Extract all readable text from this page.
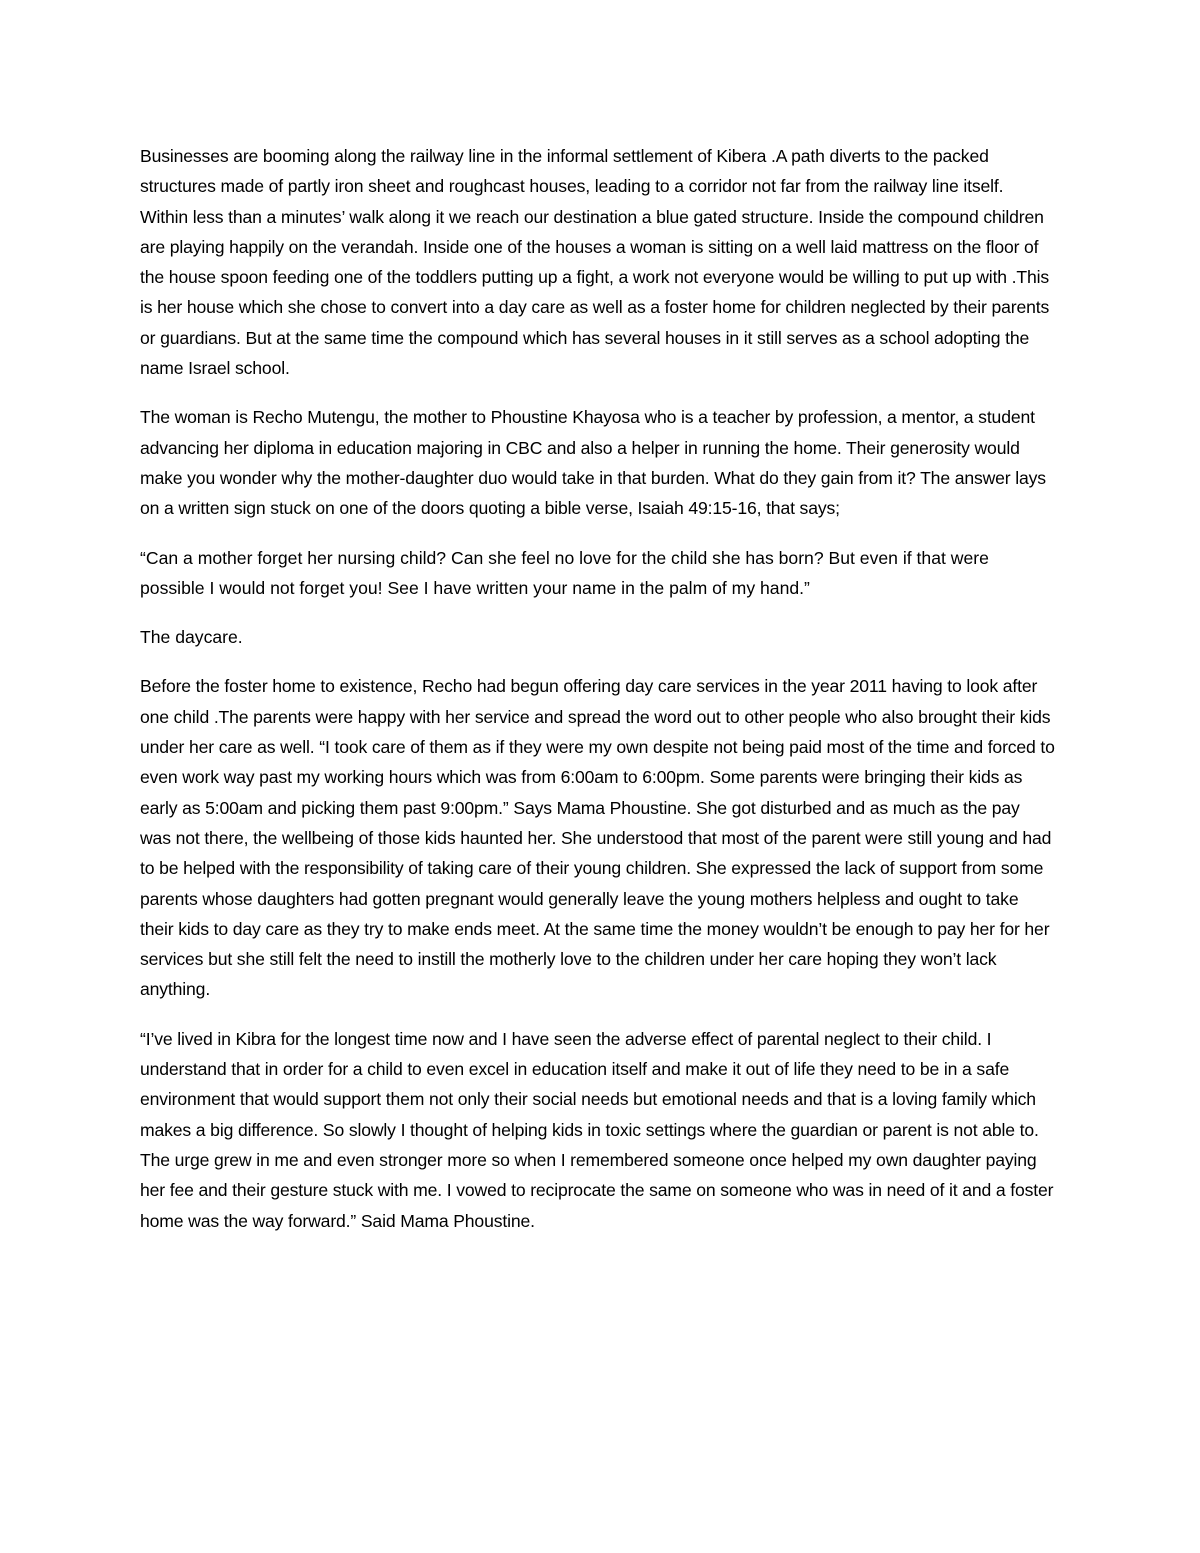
Businesses are booming along the railway line in the informal settlement of Kibera .A path diverts to the packed structures made of partly iron sheet and roughcast houses, leading to a corridor not far from the railway line itself. Within less than a minutes’ walk along it we reach our destination a blue gated structure. Inside the compound children are playing happily on the verandah. Inside one of the houses a woman is sitting on a well laid mattress on the floor of the house spoon feeding one of the toddlers putting up a fight, a work not everyone would be willing to put up with .This is her house which she chose to convert into a day care as well as a foster home for children neglected by their parents or guardians. But at the same time the compound which has several houses in it still serves as a school adopting the name Israel school.

The woman is Recho Mutengu, the mother to Phoustine Khayosa who is a teacher by profession, a mentor, a student advancing her diploma in education majoring in CBC and also a helper in running the home. Their generosity would make you wonder why the mother-daughter duo would take in that burden. What do they gain from it? The answer lays on a written sign stuck on one of the doors quoting a bible verse, Isaiah 49:15-16, that says;

“Can a mother forget her nursing child? Can she feel no love for the child she has born? But even if that were possible I would not forget you! See I have written your name in the palm of my hand.”

The daycare.

Before the foster home to existence, Recho had begun offering day care services in the year 2011 having to look after one child .The parents were happy with her service and spread the word out to other people who also brought their kids under her care as well. “I took care of them as if they were my own despite not being paid most of the time and forced to even work way past my working hours which was from 6:00am to 6:00pm. Some parents were bringing their kids as early as 5:00am and picking them past 9:00pm.” Says Mama Phoustine. She got disturbed and as much as the pay was not there, the wellbeing of those kids haunted her. She understood that most of the parent were still young and had to be helped with the responsibility of taking care of their young children. She expressed the lack of support from some parents whose daughters had gotten pregnant would generally leave the young mothers helpless and ought to take their kids to day care as they try to make ends meet. At the same time the money wouldn’t be enough to pay her for her services but she still felt the need to instill the motherly love to the children under her care hoping they won’t lack anything.

“I’ve lived in Kibra for the longest time now and I have seen the adverse effect of parental neglect to their child. I understand that in order for a child to even excel in education itself and make it out of life they need to be in a safe environment that would support them not only their social needs but emotional needs and that is a loving family which makes a big difference. So slowly I thought of helping kids in toxic settings where the guardian or parent is not able to. The urge grew in me and even stronger more so when I remembered someone once helped my own daughter paying her fee and their gesture stuck with me. I vowed to reciprocate the same on someone who was in need of it and a foster home was the way forward.” Said Mama Phoustine.
